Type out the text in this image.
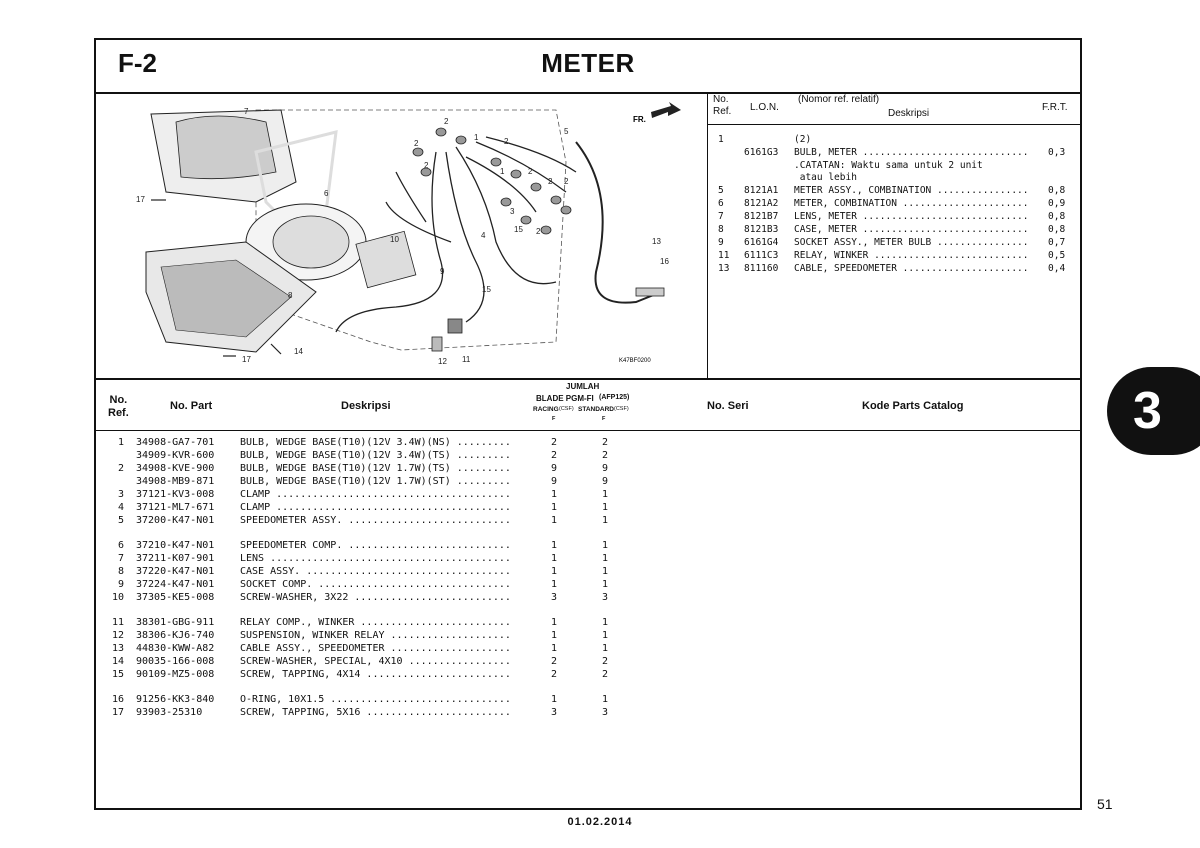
F-2	METER
FR.
K47BF0200
7
2
1	2
5
2
17
6
2
1	2
2 2
3
15 2
4
10	13
16
9
15
8
14
17	12 11
No.
Ref. L.O.N.
(Nomor ref. relatif)
Deskripsi
F.R.T.
1	(2)
6161G3 BULB, METER ............................. 0,3
.CATATAN: Waktu sama untuk 2 unit
atau lebih
5 8121A1 METER ASSY., COMBINATION ................ 0,8
6 8121A2 METER, COMBINATION ...................... 0,9
7 8121B7 LENS, METER ............................. 0,8
8 8121B3 CASE, METER ............................. 0,8
9 6161G4 SOCKET ASSY., METER BULB ................ 0,7
11 6111C3 RELAY, WINKER ........................... 0,5
13 811160 CABLE, SPEEDOMETER ...................... 0,4
No.
Ref.
No. Part	Deskripsi
JUMLAH
BLADE PGM-FI (AFP125)
RACING (CSF) STANDARD (CSF)
F	F
No. Seri	Kode Parts Catalog
1 34908-GA7-701	BULB, WEDGE BASE(T10)(12V 3.4W)(NS) .........	2	2
34909-KVR-600	BULB, WEDGE BASE(T10)(12V 3.4W)(TS) .........	2	2
2 34908-KVE-900	BULB, WEDGE BASE(T10)(12V 1.7W)(TS) .........	9	9
34908-MB9-871	BULB, WEDGE BASE(T10)(12V 1.7W)(ST) .........	9	9
3 37121-KV3-008	CLAMP .......................................	1	1
4 37121-ML7-671	CLAMP .......................................	1	1
5 37200-K47-N01	SPEEDOMETER ASSY. ...........................	1	1
6 37210-K47-N01	SPEEDOMETER COMP. ...........................	1	1
7 37211-K07-901	LENS ........................................	1	1
8 37220-K47-N01	CASE ASSY. ..................................	1	1
9 37224-K47-N01	SOCKET COMP. ................................	1	1
10 37305-KE5-008	SCREW-WASHER, 3X22 ..........................	3	3
11 38301-GBG-911	RELAY COMP., WINKER .........................	1	1
12 38306-KJ6-740	SUSPENSION, WINKER RELAY ....................	1	1
13 44830-KWW-A82	CABLE ASSY., SPEEDOMETER ....................	1	1
14 90035-166-008	SCREW-WASHER, SPECIAL, 4X10 .................	2	2
15 90109-MZ5-008	SCREW, TAPPING, 4X14 ........................	2	2
16 91256-KK3-840	O-RING, 10X1.5 ..............................	1	1
17 93903-25310	SCREW, TAPPING, 5X16 ........................	3	3
3
51
01.02.2014
